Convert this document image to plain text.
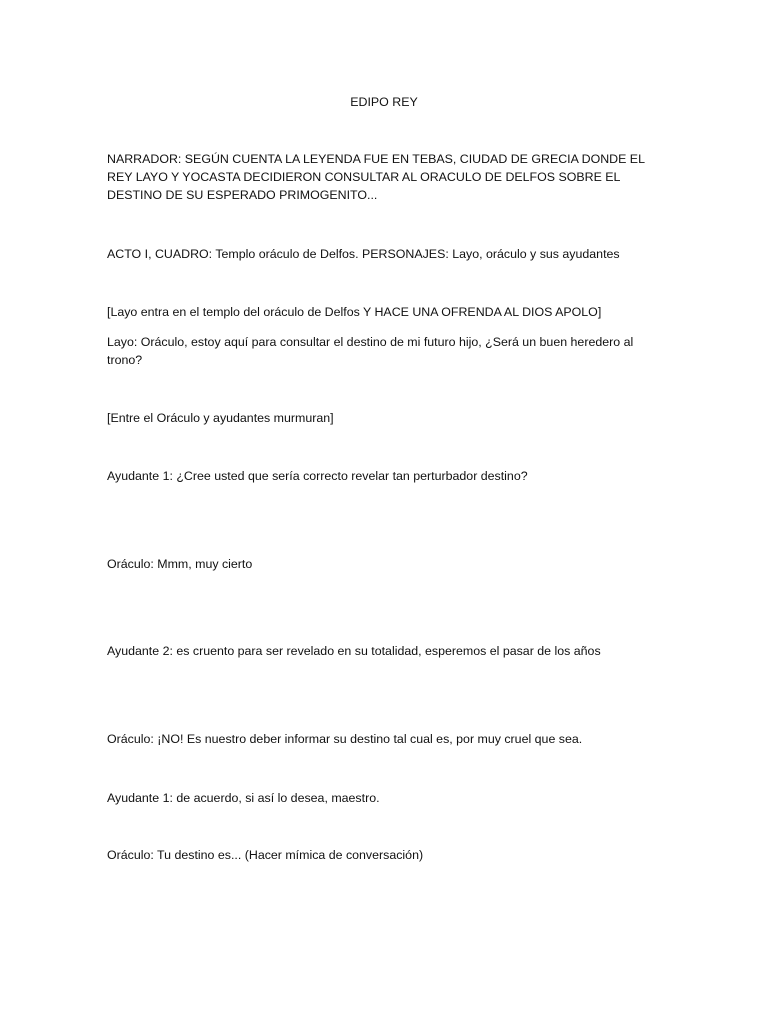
EDIPO REY

NARRADOR: SEGÚN CUENTA LA LEYENDA FUE EN TEBAS, CIUDAD DE GRECIA DONDE EL REY LAYO Y YOCASTA DECIDIERON CONSULTAR AL ORACULO DE DELFOS SOBRE EL DESTINO DE SU ESPERADO PRIMOGENITO...

ACTO I, CUADRO: Templo oráculo de Delfos. PERSONAJES: Layo, oráculo y sus ayudantes

[Layo entra en el templo del oráculo de Delfos Y HACE UNA OFRENDA AL DIOS APOLO]

Layo: Oráculo, estoy aquí para consultar el destino de mi futuro hijo, ¿Será un buen heredero al trono?

[Entre el Oráculo y ayudantes murmuran]

Ayudante 1: ¿Cree usted que sería correcto revelar tan perturbador destino?

Oráculo: Mmm, muy cierto

Ayudante 2: es cruento para ser revelado en su totalidad, esperemos el pasar de los años

Oráculo: ¡NO! Es nuestro deber informar su destino tal cual es, por muy cruel que sea.

Ayudante 1: de acuerdo, si así lo desea, maestro.

Oráculo: Tu destino es... (Hacer mímica de conversación)
